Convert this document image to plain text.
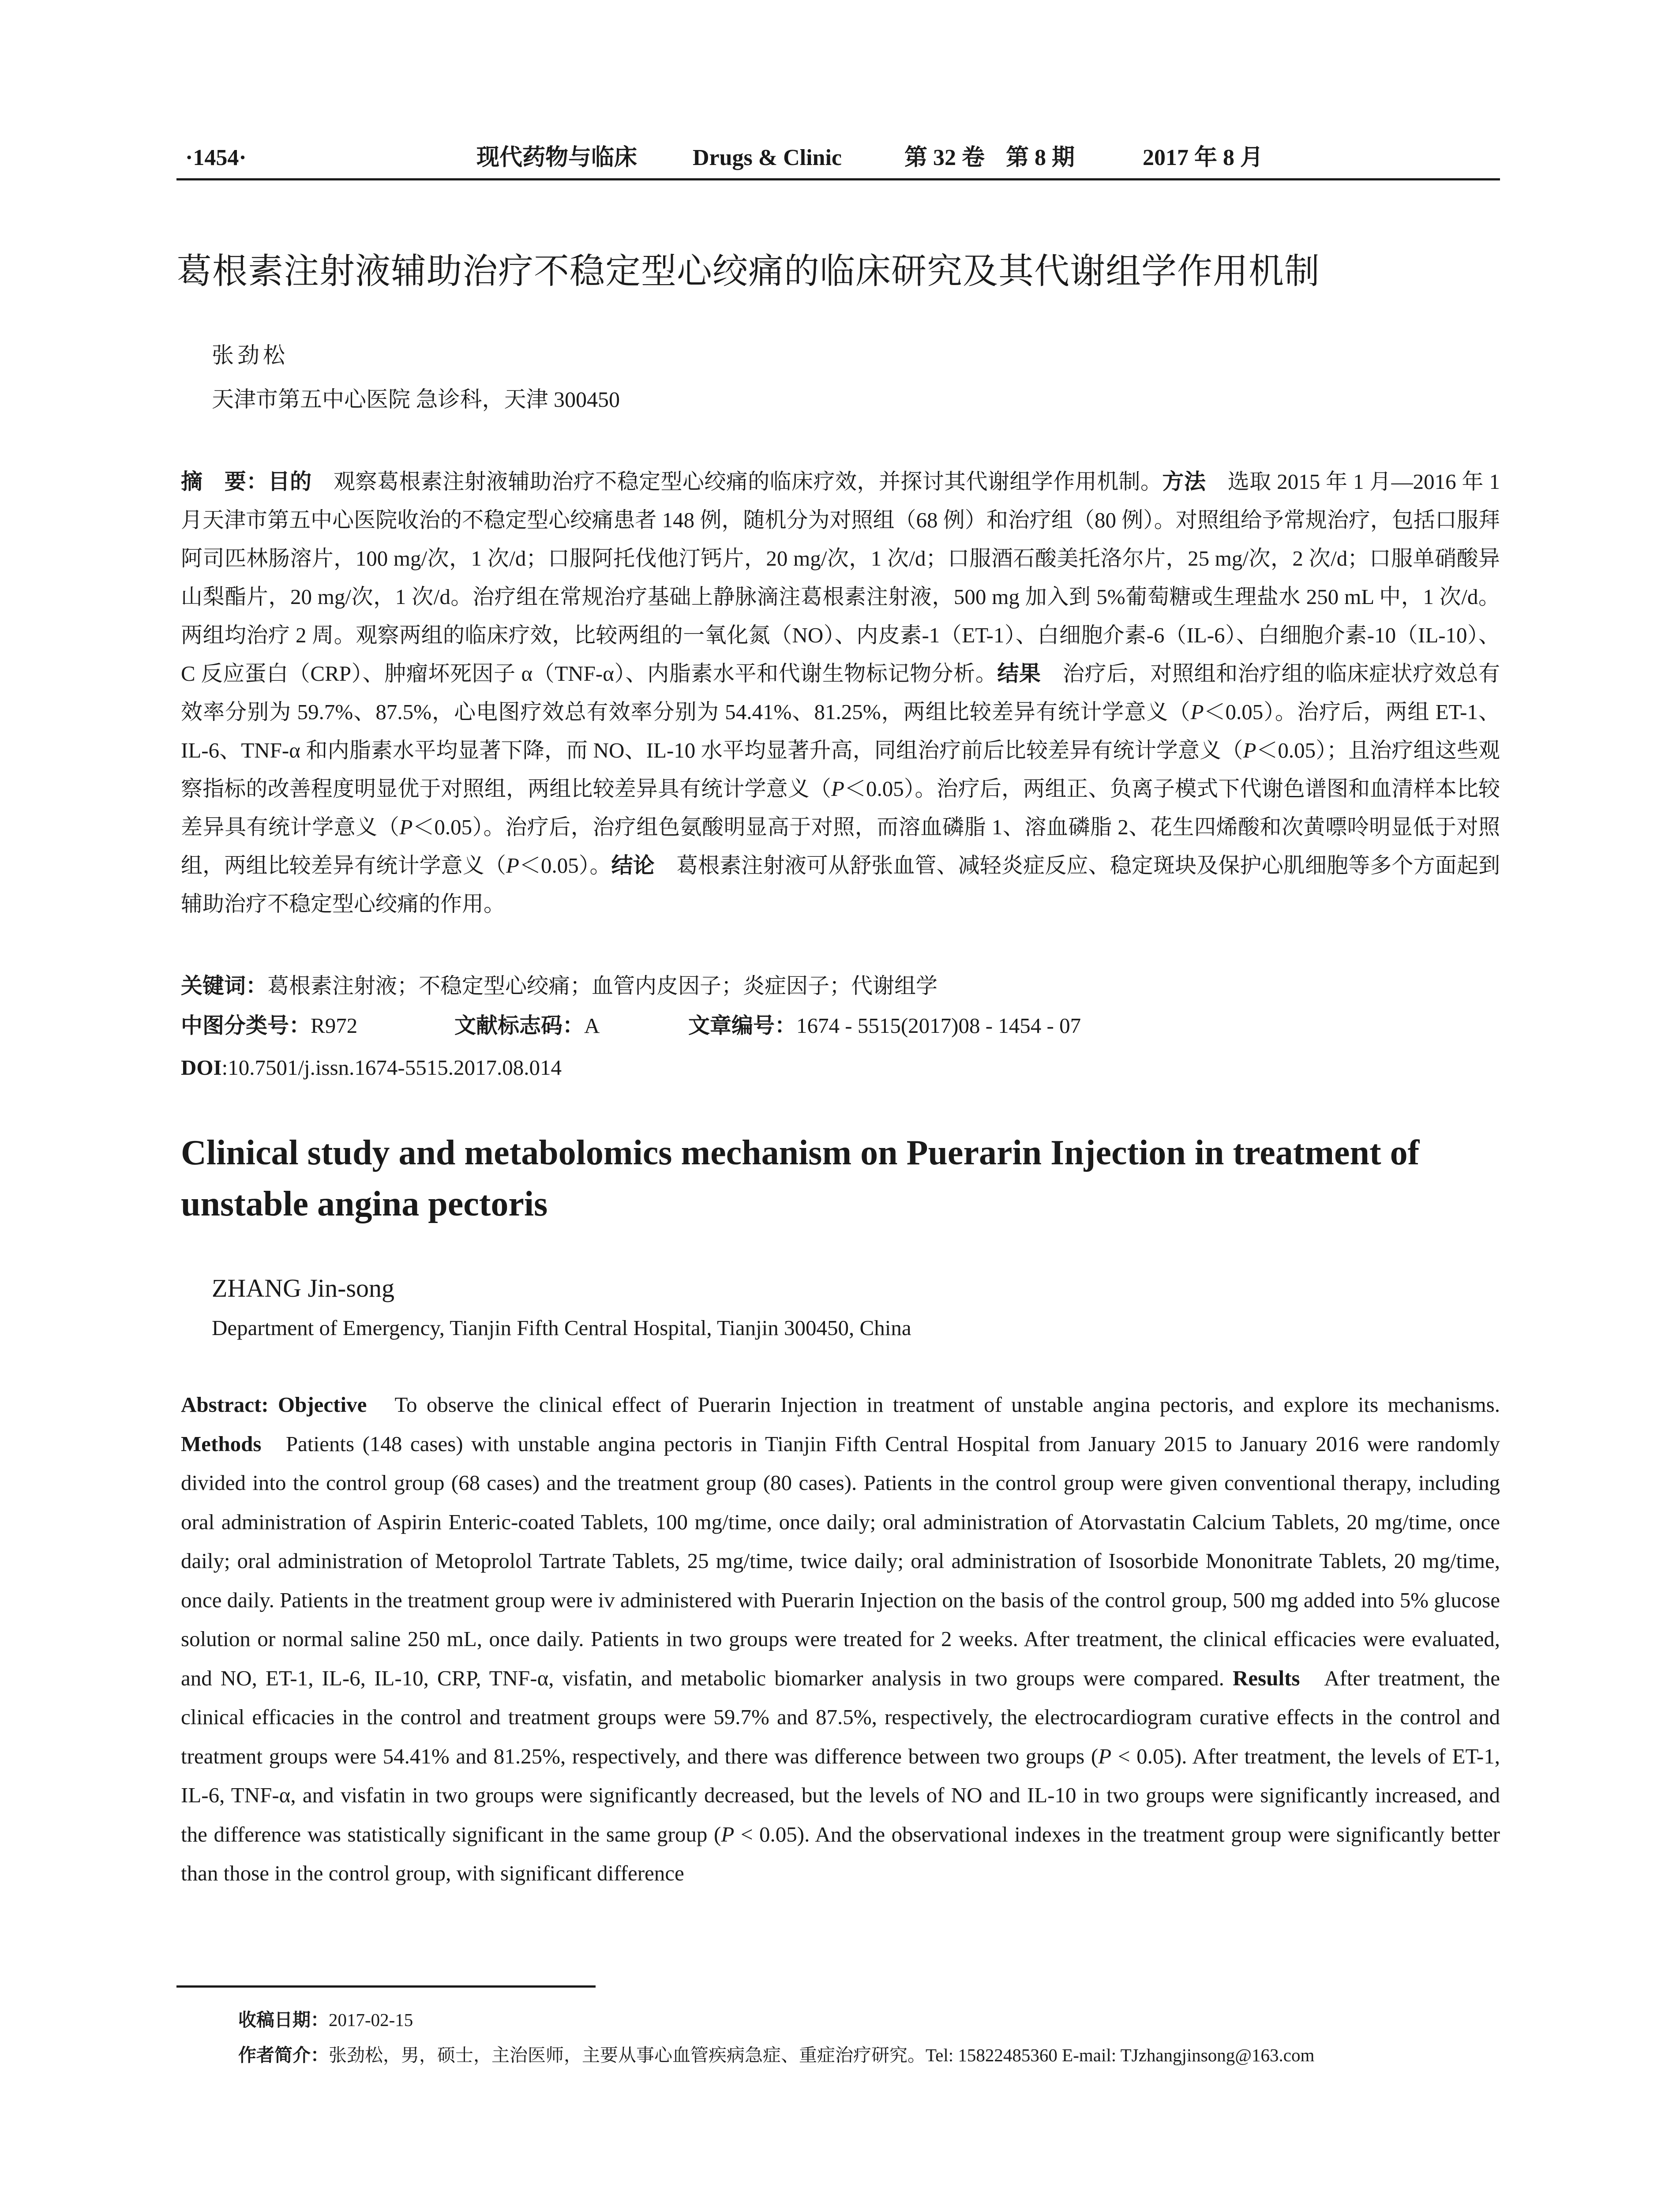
·1454·	现代药物与临床 Drugs & Clinic	第 32 卷 第 8 期	2017 年 8 月
葛根素注射液辅助治疗不稳定型心绞痛的临床研究及其代谢组学作用机制
张劲松
天津市第五中心医院 急诊科，天津 300450
摘　要：目的　 观察葛根素注射液辅助治疗不稳定型心绞痛的临床疗效，并探讨其代谢组学作用机制。方法　 选取 2015 年 1 月—2016 年 1 月天津市第五中心医院收治的不稳定型心绞痛患者 148 例，随机分为对照组（68 例）和治疗组（80 例）。对照组给予常规治疗，包括口服拜阿司匹林肠溶片，100 mg/次，1 次/d；口服阿托伐他汀钙片，20 mg/次，1 次/d；口服酒石酸美托洛尔片，25 mg/次，2 次/d；口服单硝酸异山梨酯片，20 mg/次，1 次/d。治疗组在常规治疗基础上静脉滴注葛根素注射液，500 mg 加入到 5%葡萄糖或生理盐水 250 mL 中，1 次/d。两组均治疗 2 周。观察两组的临床疗效，比较两组的一氧化氮（NO）、内皮素-1（ET-1）、白细胞介素-6（IL-6）、白细胞介素-10（IL-10）、C 反应蛋白（CRP）、肿瘤坏死因子 α（TNF-α）、内脂素水平和代谢生物标记物分析。结果　 治疗后，对照组和治疗组的临床症状疗效总有效率分别为 59.7%、87.5%，心电图疗效总有效率分别为 54.41%、81.25%，两组比较差异有统计学意义（P＜0.05）。治疗后，两组 ET-1、IL-6、TNF-α 和内脂素水平均显著下降，而 NO、IL-10 水平均显著升高，同组治疗前后比较差异有统计学意义（P＜0.05）；且治疗组这些观察指标的改善程度明显优于对照组，两组比较差异具有统计学意义（P＜0.05）。治疗后，两组正、负离子模式下代谢色谱图和血清样本比较差异具有统计学意义（P＜0.05）。治疗后，治疗组色氨酸明显高于对照，而溶血磷脂 1、溶血磷脂 2、花生四烯酸和次黄嘌呤明显低于对照组，两组比较差异有统计学意义（P＜0.05）。结论　 葛根素注射液可从舒张血管、减轻炎症反应、稳定斑块及保护心肌细胞等多个方面起到辅助治疗不稳定型心绞痛的作用。
关键词：葛根素注射液；不稳定型心绞痛；血管内皮因子；炎症因子；代谢组学
中图分类号：R972	文献标志码：A	文章编号：1674 - 5515(2017)08 - 1454 - 07
DOI:10.7501/j.issn.1674-5515.2017.08.014
Clinical study and metabolomics mechanism on Puerarin Injection in treatment of unstable angina pectoris
ZHANG Jin-song
Department of Emergency, Tianjin Fifth Central Hospital, Tianjin 300450, China
Abstract: Objective To observe the clinical effect of Puerarin Injection in treatment of unstable angina pectoris, and explore its mechanisms. Methods Patients (148 cases) with unstable angina pectoris in Tianjin Fifth Central Hospital from January 2015 to January 2016 were randomly divided into the control group (68 cases) and the treatment group (80 cases). Patients in the control group were given conventional therapy, including oral administration of Aspirin Enteric-coated Tablets, 100 mg/time, once daily; oral administration of Atorvastatin Calcium Tablets, 20 mg/time, once daily; oral administration of Metoprolol Tartrate Tablets, 25 mg/time, twice daily; oral administration of Isosorbide Mononitrate Tablets, 20 mg/time, once daily. Patients in the treatment group were iv administered with Puerarin Injection on the basis of the control group, 500 mg added into 5% glucose solution or normal saline 250 mL, once daily. Patients in two groups were treated for 2 weeks. After treatment, the clinical efficacies were evaluated, and NO, ET-1, IL-6, IL-10, CRP, TNF-α, visfatin, and metabolic biomarker analysis in two groups were compared. Results After treatment, the clinical efficacies in the control and treatment groups were 59.7% and 87.5%, respectively, the electrocardiogram curative effects in the control and treatment groups were 54.41% and 81.25%, respectively, and there was difference between two groups (P < 0.05). After treatment, the levels of ET-1, IL-6, TNF-α, and visfatin in two groups were significantly decreased, but the levels of NO and IL-10 in two groups were significantly increased, and the difference was statistically significant in the same group (P < 0.05). And the observational indexes in the treatment group were significantly better than those in the control group, with significant difference
收稿日期：2017-02-15
作者简介：张劲松，男，硕士，主治医师，主要从事心血管疾病急症、重症治疗研究。Tel: 15822485360 E-mail: TJzhangjinsong@163.com
